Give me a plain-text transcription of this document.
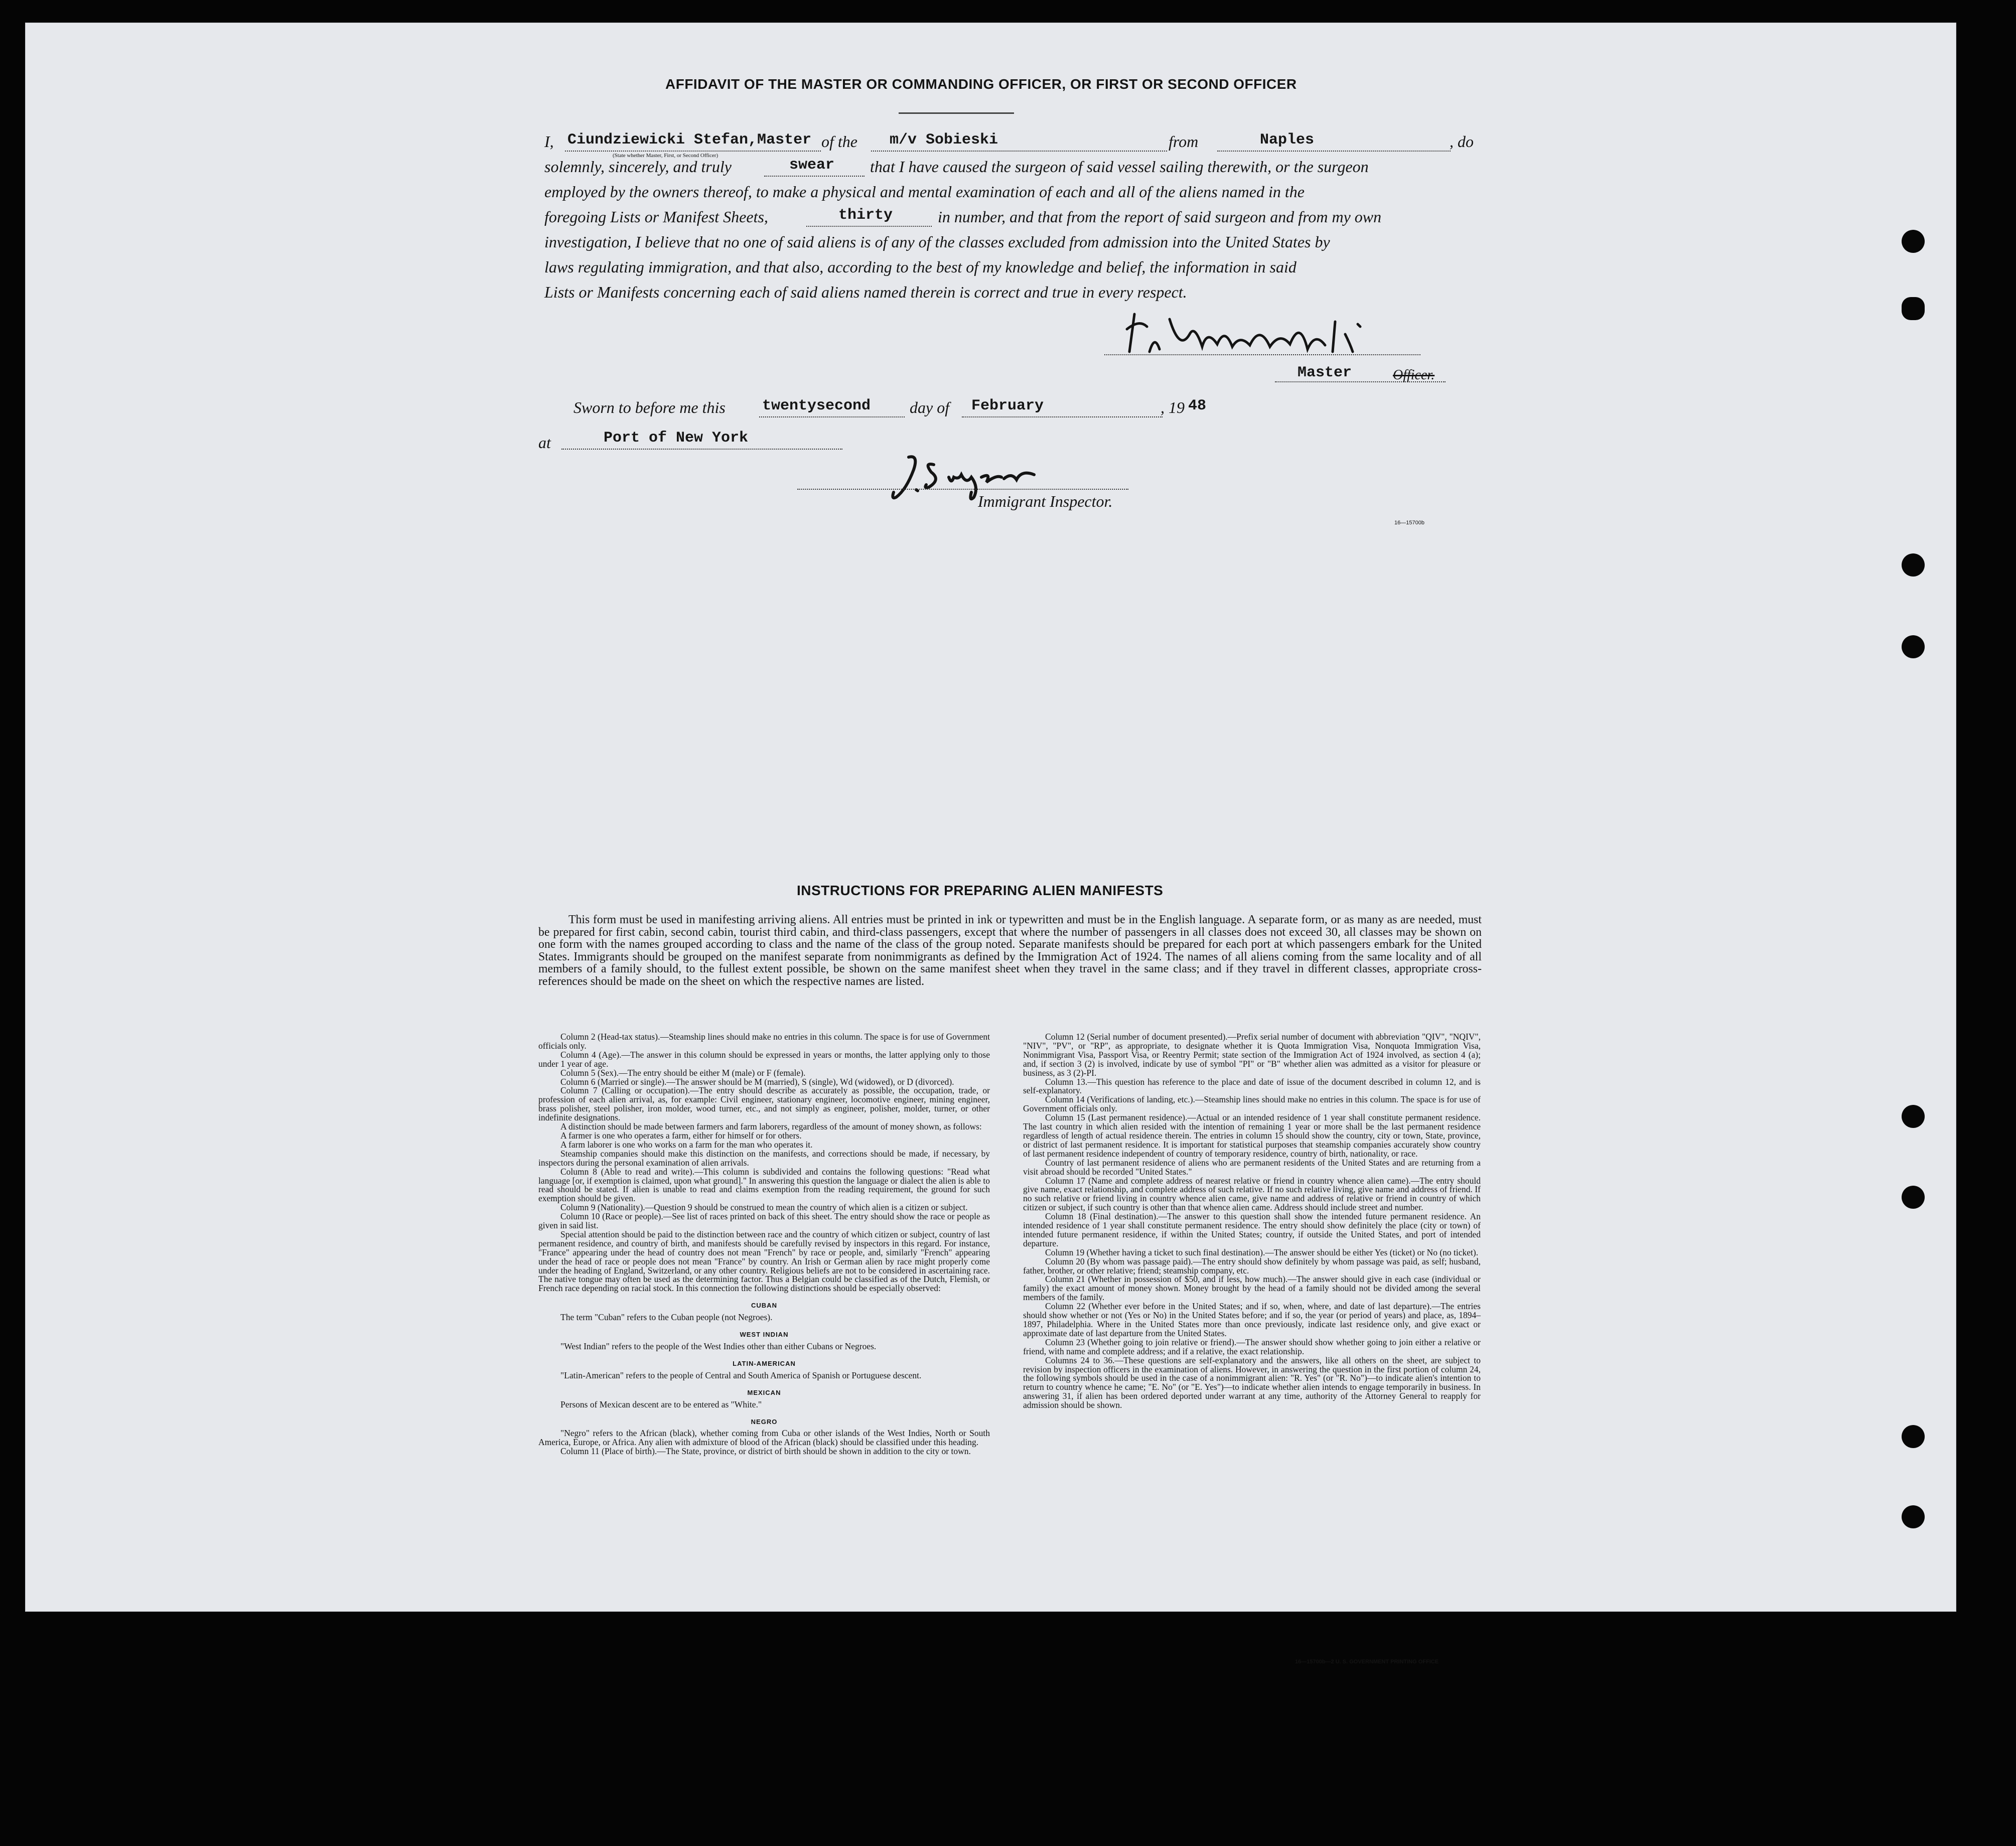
AFFIDAVIT OF THE MASTER OR COMMANDING OFFICER, OR FIRST OR SECOND OFFICER
I, Ciundziewicki Stefan,Master
(State whether Master, First, or Second Officer)
of the m/v Sobieski	from	Naples	, do
solemnly, sincerely, and truly	swear that I have caused the surgeon of said vessel sailing therewith, or the surgeon
employed by the owners thereof, to make a physical and mental examination of each and all of the aliens named in the
foregoing Lists or Manifest Sheets,	thirty	in number, and that from the report of said surgeon and from my own
investigation, I believe that no one of said aliens is of any of the classes excluded from admission into the United States by
laws regulating immigration, and that also, according to the best of my knowledge and belief, the information in said
Lists or Manifests concerning each of said aliens named therein is correct and true in every respect.
Master	Officer.
Sworn to before me this twentysecond day of February	, 19 48
at	Port of New York
Immigrant Inspector.
16—15700b
INSTRUCTIONS FOR PREPARING ALIEN MANIFESTS
This form must be used in manifesting arriving aliens. All entries must be printed in ink or typewritten and must be in the English language. A separate form, or as many as are needed, must be prepared for first cabin, second cabin, tourist third cabin, and third-class passengers, except that where the number of passengers in all classes does not exceed 30, all classes may be shown on one form with the names grouped according to class and the name of the class of the group noted. Separate manifests should be prepared for each port at which passengers embark for the United States. Immigrants should be grouped on the manifest separate from nonimmigrants as defined by the Immigration Act of 1924. The names of all aliens coming from the same locality and of all members of a family should, to the fullest extent possible, be shown on the same manifest sheet when they travel in the same class; and if they travel in different classes, appropriate cross-references should be made on the sheet on which the respective names are listed.

Column 2 (Head-tax status).—Steamship lines should make no entries in this column. The space is for use of Government officials only.

Column 4 (Age).—The answer in this column should be expressed in years or months, the latter applying only to those under 1 year of age.

Column 5 (Sex).—The entry should be either M (male) or F (female).

Column 6 (Married or single).—The answer should be M (married), S (single), Wd (widowed), or D (divorced).

Column 7 (Calling or occupation).—The entry should describe as accurately as possible, the occupation, trade, or profession of each alien arrival, as, for example: Civil engineer, stationary engineer, locomotive engineer, mining engineer, brass polisher, steel polisher, iron molder, wood turner, etc., and not simply as engineer, polisher, molder, turner, or other indefinite designations.

A distinction should be made between farmers and farm laborers, regardless of the amount of money shown, as follows:

A farmer is one who operates a farm, either for himself or for others.

A farm laborer is one who works on a farm for the man who operates it.

Steamship companies should make this distinction on the manifests, and corrections should be made, if necessary, by inspectors during the personal examination of alien arrivals.

Column 8 (Able to read and write).—This column is subdivided and contains the following questions: "Read what language [or, if exemption is claimed, upon what ground]." In answering this question the language or dialect the alien is able to read should be stated. If alien is unable to read and claims exemption from the reading requirement, the ground for such exemption should be given.

Column 9 (Nationality).—Question 9 should be construed to mean the country of which alien is a citizen or subject.

Column 10 (Race or people).—See list of races printed on back of this sheet. The entry should show the race or people as given in said list.

Special attention should be paid to the distinction between race and the country of which citizen or subject, country of last permanent residence, and country of birth, and manifests should be carefully revised by inspectors in this regard. For instance, "France" appearing under the head of country does not mean "French" by race or people, and, similarly "French" appearing under the head of race or people does not mean "France" by country. An Irish or German alien by race might properly come under the heading of England, Switzerland, or any other country. Religious beliefs are not to be considered in ascertaining race. The native tongue may often be used as the determining factor. Thus a Belgian could be classified as of the Dutch, Flemish, or French race depending on racial stock. In this connection the following distinctions should be especially observed:

CUBAN

The term "Cuban" refers to the Cuban people (not Negroes).

WEST INDIAN

"West Indian" refers to the people of the West Indies other than either Cubans or Negroes.

LATIN-AMERICAN

"Latin-American" refers to the people of Central and South America of Spanish or Portuguese descent.

MEXICAN

Persons of Mexican descent are to be entered as "White."

NEGRO

"Negro" refers to the African (black), whether coming from Cuba or other islands of the West Indies, North or South America, Europe, or Africa. Any alien with admixture of blood of the African (black) should be classified under this heading.

Column 11 (Place of birth).—The State, province, or district of birth should be shown in addition to the city or town.

Column 12 (Serial number of document presented).—Prefix serial number of document with abbreviation "QIV", "NQIV", "NIV", "PV", or "RP", as appropriate, to designate whether it is Quota Immigration Visa, Nonquota Immigration Visa, Nonimmigrant Visa, Passport Visa, or Reentry Permit; state section of the Immigration Act of 1924 involved, as section 4 (a); and, if section 3 (2) is involved, indicate by use of symbol "PI" or "B" whether alien was admitted as a visitor for pleasure or business, as 3 (2)-PI.

Column 13.—This question has reference to the place and date of issue of the document described in column 12, and is self-explanatory.

Column 14 (Verifications of landing, etc.).—Steamship lines should make no entries in this column. The space is for use of Government officials only.

Column 15 (Last permanent residence).—Actual or an intended residence of 1 year shall constitute permanent residence. The last country in which alien resided with the intention of remaining 1 year or more shall be the last permanent residence regardless of length of actual residence therein. The entries in column 15 should show the country, city or town, State, province, or district of last permanent residence. It is important for statistical purposes that steamship companies accurately show country of last permanent residence independent of country of temporary residence, country of birth, nationality, or race.

Country of last permanent residence of aliens who are permanent residents of the United States and are returning from a visit abroad should be recorded "United States."

Column 17 (Name and complete address of nearest relative or friend in country whence alien came).—The entry should give name, exact relationship, and complete address of such relative. If no such relative living, give name and address of friend. If no such relative or friend living in country whence alien came, give name and address of relative or friend in country of which citizen or subject, if such country is other than that whence alien came. Address should include street and number.

Column 18 (Final destination).—The answer to this question shall show the intended future permanent residence. An intended residence of 1 year shall constitute permanent residence. The entry should show definitely the place (city or town) of intended future permanent residence, if within the United States; country, if outside the United States, and port of intended departure.

Column 19 (Whether having a ticket to such final destination).—The answer should be either Yes (ticket) or No (no ticket).

Column 20 (By whom was passage paid).—The entry should show definitely by whom passage was paid, as self; husband, father, brother, or other relative; friend; steamship company, etc.

Column 21 (Whether in possession of $50, and if less, how much).—The answer should give in each case (individual or family) the exact amount of money shown. Money brought by the head of a family should not be divided among the several members of the family.

Column 22 (Whether ever before in the United States; and if so, when, where, and date of last departure).—The entries should show whether or not (Yes or No) in the United States before; and if so, the year (or period of years) and place, as, 1894–1897, Philadelphia. Where in the United States more than once previously, indicate last residence only, and give exact or approximate date of last departure from the United States.

Column 23 (Whether going to join relative or friend).—The answer should show whether going to join either a relative or friend, with name and complete address; and if a relative, the exact relationship.

Columns 24 to 36.—These questions are self-explanatory and the answers, like all others on the sheet, are subject to revision by inspection officers in the examination of aliens. However, in answering the question in the first portion of column 24, the following symbols should be used in the case of a nonimmigrant alien: "R. Yes" (or "R. No")—to indicate alien's intention to return to country whence he came; "E. No" (or "E. Yes")—to indicate whether alien intends to engage temporarily in business. In answering 31, if alien has been ordered deported under warrant at any time, authority of the Attorney General to reapply for admission should be shown.

16—15700b—2 U. S. GOVERNMENT PRINTING OFFICE
